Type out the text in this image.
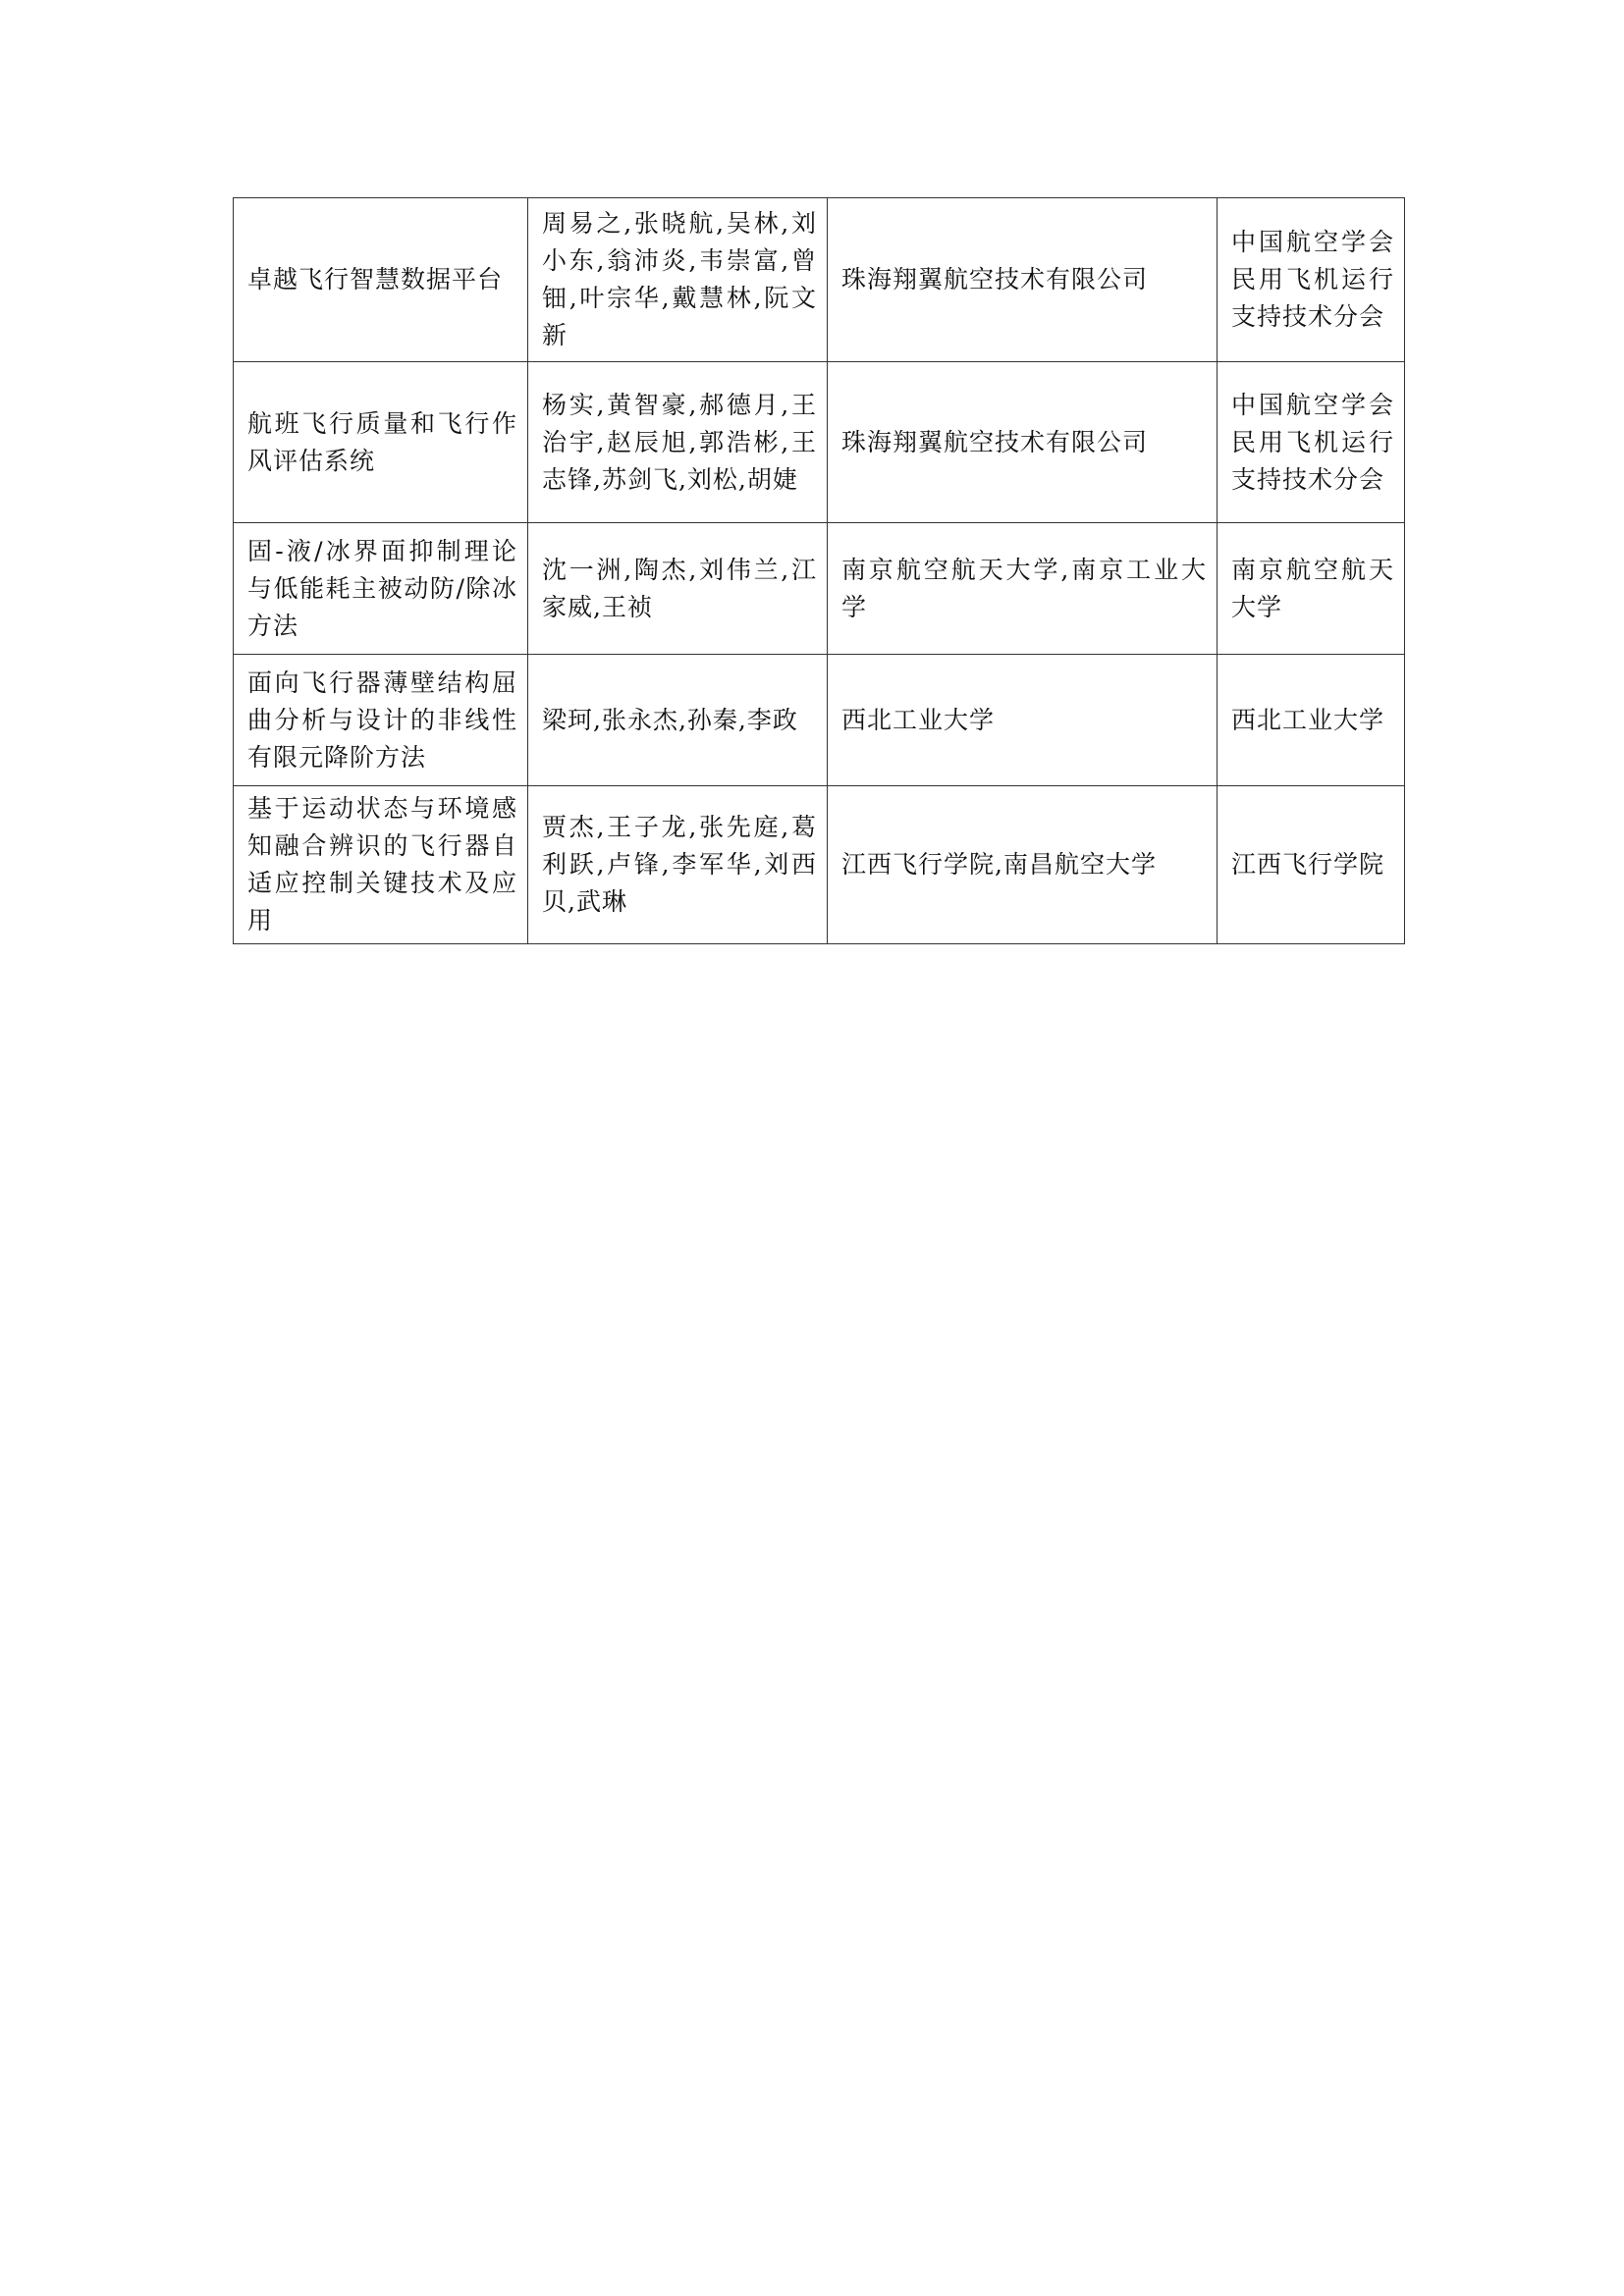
卓越飞行智慧数据平台	周易之,张晓航,吴林,刘小东,翁沛炎,韦崇富,曾钿,叶宗华,戴慧林,阮文新	珠海翔翼航空技术有限公司	中国航空学会民用飞机运行支持技术分会
航班飞行质量和飞行作风评估系统	杨实,黄智豪,郝德月,王治宇,赵辰旭,郭浩彬,王志锋,苏剑飞,刘松,胡婕	珠海翔翼航空技术有限公司	中国航空学会民用飞机运行支持技术分会
固-液/冰界面抑制理论与低能耗主被动防/除冰方法	沈一洲,陶杰,刘伟兰,江家威,王祯	南京航空航天大学,南京工业大学	南京航空航天大学
面向飞行器薄壁结构屈曲分析与设计的非线性有限元降阶方法	梁珂,张永杰,孙秦,李政	西北工业大学	西北工业大学
基于运动状态与环境感知融合辨识的飞行器自适应控制关键技术及应用	贾杰,王子龙,张先庭,葛利跃,卢锋,李军华,刘西贝,武琳	江西飞行学院,南昌航空大学	江西飞行学院
